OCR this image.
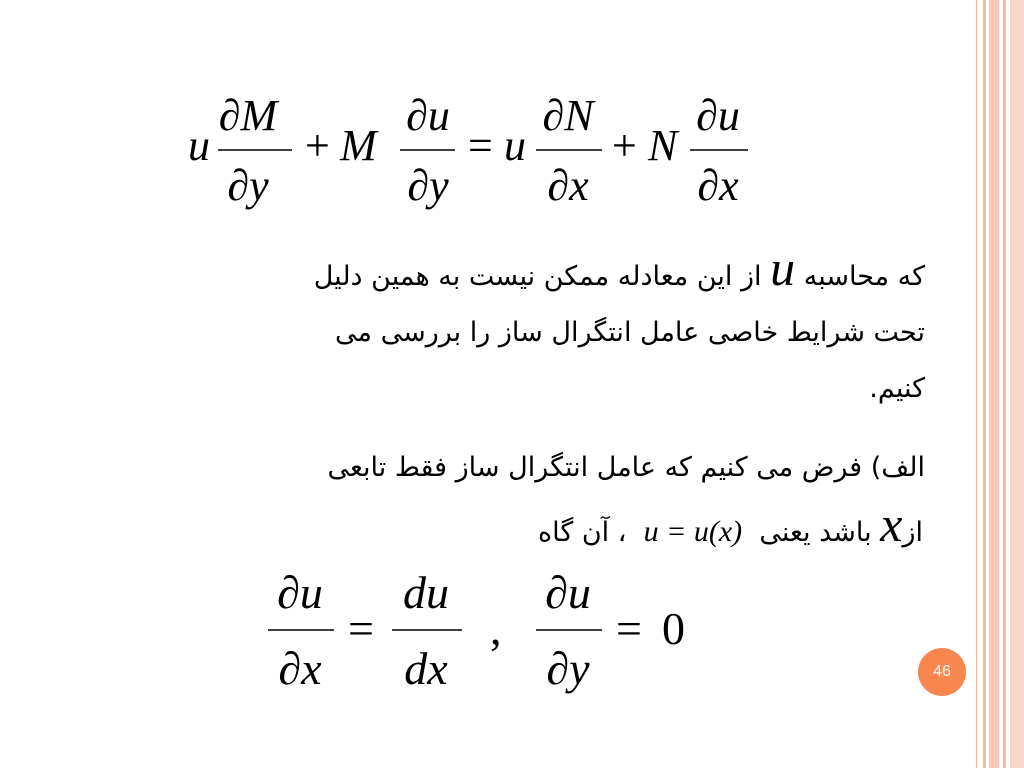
u
∂M
∂y
+ M
∂u
∂y
= u
∂N
∂x
+ N
∂u
∂x
که محاسبه u از این معادله ممکن نیست به همین دلیل
تحت شرایط خاصی عامل انتگرال ساز را بررسی می
کنیم.
الف) فرض می کنیم که عامل انتگرال ساز فقط تابعی
ازx باشد یعنی  u = u(x)  ، آن گاه
∂u
∂x
=
du
dx
,
∂u
∂y
= 0
46
